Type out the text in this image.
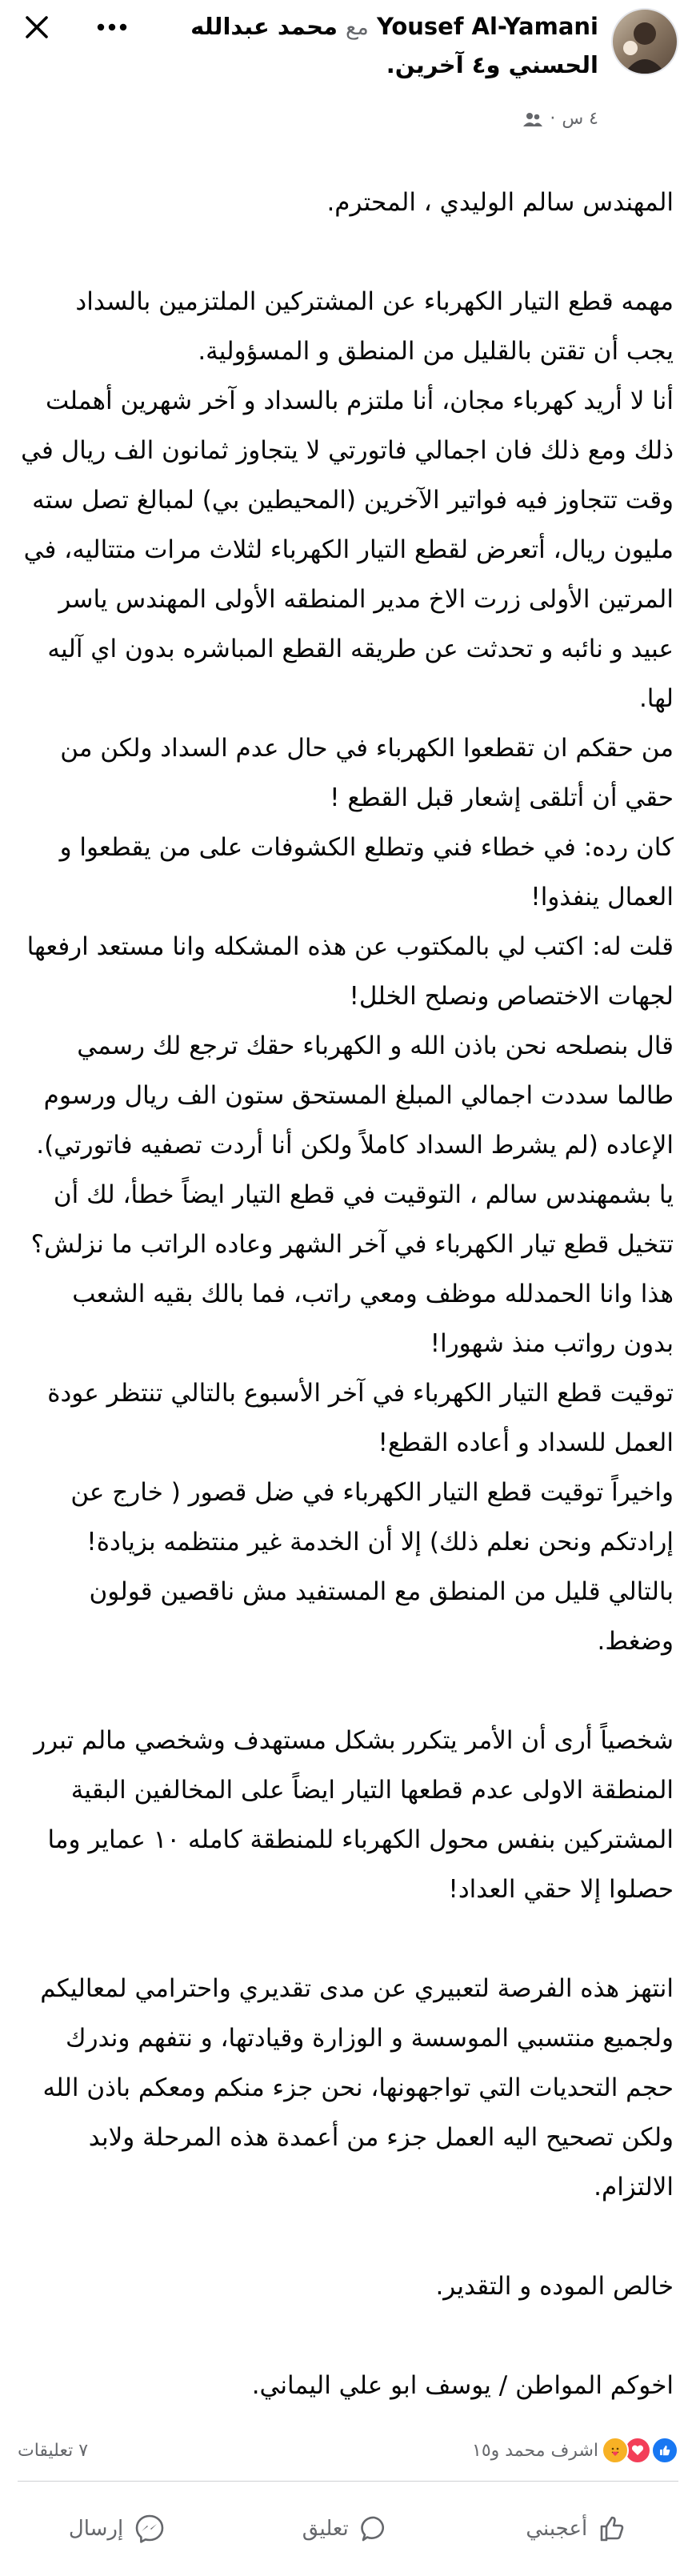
Yousef Al-Yamani مع محمد عبدالله الحسني و٤ آخرين.
٤ س
·

المهندس سالم الوليدي ، المحترم.

مهمه قطع التيار الكهرباء عن المشتركين الملتزمين بالسداد يجب أن تقتن بالقليل من المنطق و المسؤولية.

أنا لا أريد كهرباء مجان، أنا ملتزم بالسداد و آخر شهرين أهملت ذلك ومع ذلك فان اجمالي فاتورتي لا يتجاوز ثمانون الف ريال في وقت تتجاوز فيه فواتير الآخرين (المحيطين بي) لمبالغ تصل سته مليون ريال، أتعرض لقطع التيار الكهرباء لثلاث مرات متتاليه، في المرتين الأولى زرت الاخ مدير المنطقه الأولى المهندس ياسر عبيد و نائبه و تحدثت عن طريقه القطع المباشره بدون اي آليه لها.

من حقكم ان تقطعوا الكهرباء في حال عدم السداد ولكن من حقي أن أتلقى إشعار قبل القطع !

كان رده: في خطاء فني وتطلع الكشوفات على من يقطعوا و العمال ينفذوا!

قلت له: اكتب لي بالمكتوب عن هذه المشكله وانا مستعد ارفعها لجهات الاختصاص ونصلح الخلل!

قال بنصلحه نحن باذن الله و الكهرباء حقك ترجع لك رسمي طالما سددت اجمالي المبلغ المستحق ستون الف ريال ورسوم الإعاده (لم يشرط السداد كاملاً ولكن أنا أردت تصفيه فاتورتي).

يا بشمهندس سالم ، التوقيت في قطع التيار ايضاً خطأ، لك أن تتخيل قطع تيار الكهرباء في آخر الشهر وعاده الراتب ما نزلش؟ هذا وانا الحمدلله موظف ومعي راتب، فما بالك بقيه الشعب بدون رواتب منذ شهورا!

توقيت قطع التيار الكهرباء في آخر الأسبوع بالتالي تنتظر عودة العمل للسداد و أعاده القطع!

واخيراً توقيت قطع التيار الكهرباء في ضل قصور ( خارج عن إرادتكم ونحن نعلم ذلك) إلا أن الخدمة غير منتظمه بزيادة! بالتالي قليل من المنطق مع المستفيد مش ناقصين قولون وضغط.

شخصياً أرى أن الأمر يتكرر بشكل مستهدف وشخصي مالم تبرر المنطقة الاولى عدم قطعها التيار ايضاً على المخالفين البقية المشتركين بنفس محول الكهرباء للمنطقة كامله ١٠ عماير وما حصلوا إلا حقي العداد!

انتهز هذه الفرصة لتعبيري عن مدى تقديري واحترامي لمعاليكم ولجميع منتسبي الموسسة و الوزارة وقيادتها، و نتفهم وندرك حجم التحديات التي تواجهونها، نحن جزء منكم ومعكم باذن الله ولكن تصحيح اليه العمل جزء من أعمدة هذه المرحلة ولابد الالتزام.

خالص الموده و التقدير.

اخوكم المواطن / يوسف ابو علي اليماني.

اشرف محمد و١٥
٧ تعليقات
أعجبني
تعليق
إرسال
